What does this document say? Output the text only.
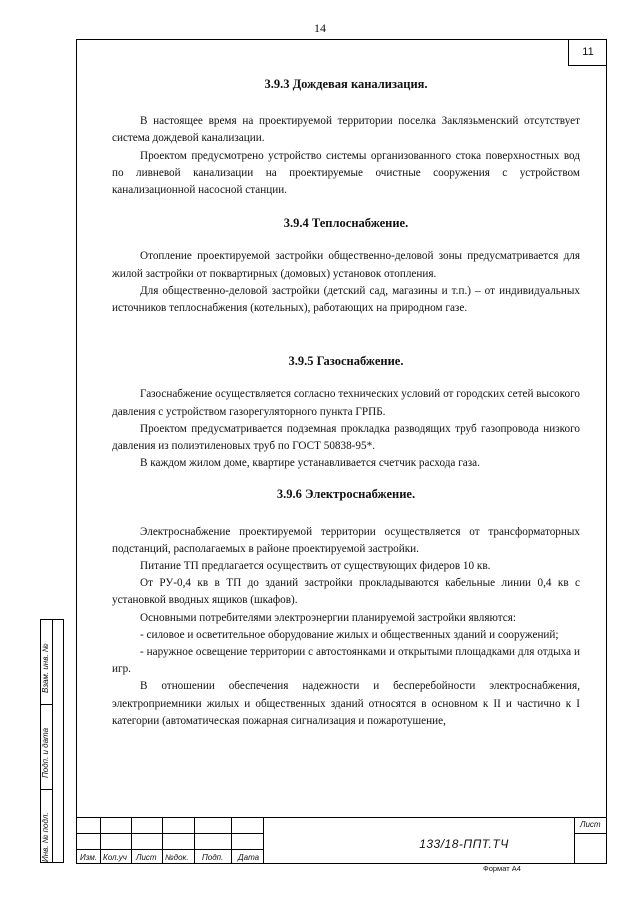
14
11

3.9.3 Дождевая канализация.

В настоящее время на проектируемой территории поселка Заклязьменский отсутствует система дождевой канализации.

Проектом предусмотрено устройство системы организованного стока поверхностных вод по ливневой канализации на проектируемые очистные сооружения с устройством канализационной насосной станции.

3.9.4 Теплоснабжение.

Отопление проектируемой застройки общественно-деловой зоны предусматривается для жилой застройки от поквартирных (домовых) установок отопления.

Для общественно-деловой застройки (детский сад, магазины и т.п.) – от индивидуальных источников теплоснабжения (котельных), работающих на природном газе.

3.9.5 Газоснабжение.

Газоснабжение осуществляется согласно технических условий от городских сетей высокого давления с устройством газорегуляторного пункта ГРПБ.

Проектом предусматривается подземная прокладка разводящих труб газопровода низкого давления из полиэтиленовых труб по ГОСТ 50838-95*.

В каждом жилом доме, квартире устанавливается счетчик расхода газа.

3.9.6 Электроснабжение.

Электроснабжение проектируемой территории осуществляется от трансформаторных подстанций, располагаемых в районе проектируемой застройки.

Питание ТП предлагается осуществить от существующих фидеров 10 кв.

От РУ-0,4 кв в ТП до зданий застройки прокладываются кабельные линии 0,4 кв с установкой вводных ящиков (шкафов).

Основными потребителями электроэнергии планируемой застройки являются:

- силовое и осветительное оборудование жилых и общественных зданий и сооружений;

- наружное освещение территории с автостоянками и открытыми площадками для отдыха и игр.

В отношении обеспечения надежности и бесперебойности электроснабжения, электроприемники жилых и общественных зданий относятся в основном к II и частично к I категории (автоматическая пожарная сигнализация и пожаротушение,

Взам. инв. №
Подп. и дата
Инв. № подл.	Изм. Кол.уч Лист №док. Подп. Дата
133/18-ППТ.ТЧ
Лист
Формат А4
